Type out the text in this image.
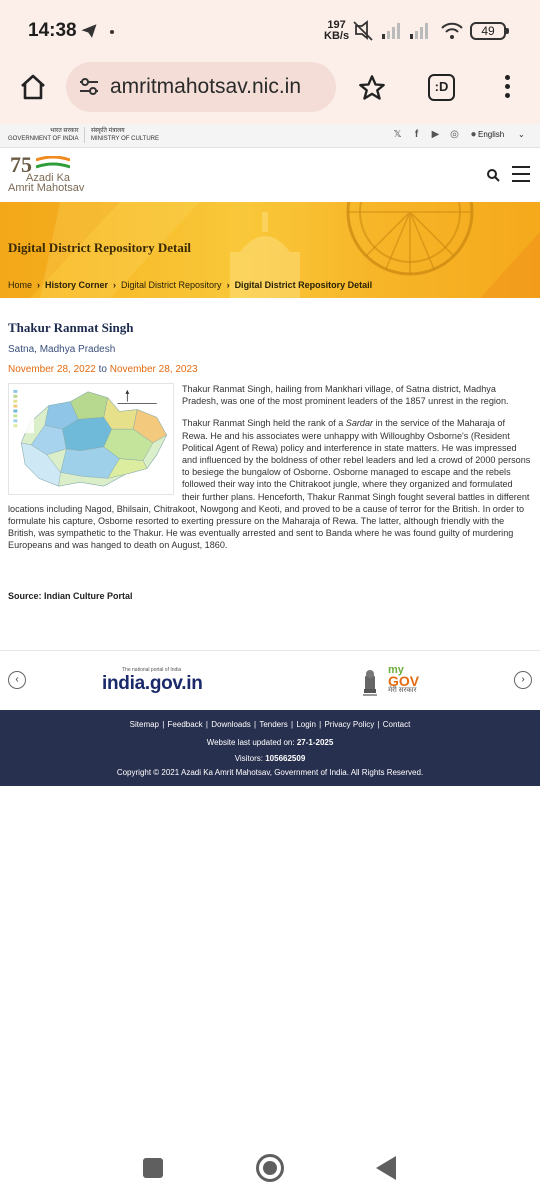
14:38	197
KB/s	49
amritmahotsav.nic.in	:D
भारत सरकार
GOVERNMENT OF INDIA
संस्कृति मंत्रालय
MINISTRY OF CULTURE	𝕏	f	▶ ◎ ● English ⌄
75
Azadi Ka
Amrit Mahotsav
Digital District Repository Detail
Home › History Corner › Digital District Repository › Digital District Repository Detail
Thakur Ranmat Singh
Satna, Madhya Pradesh
November 28, 2022 to November 28, 2023

Thakur Ranmat Singh, hailing from Mankhari village, of Satna district, Madhya Pradesh, was one of the most prominent leaders of the 1857 unrest in the region.

Thakur Ranmat Singh held the rank of a Sardar in the service of the Maharaja of Rewa. He and his associates were unhappy with Willoughby Osborne's (Resident Political Agent of Rewa) policy and interference in state matters. He was impressed and influenced by the boldness of other rebel leaders and led a crowd of 2000 persons to besiege the bungalow of Osborne. Osborne managed to escape and the rebels followed their way into the Chitrakoot jungle, where they organized and formulated their further plans. Henceforth, Thakur Ranmat Singh fought several battles in different locations including Nagod, Bhilsain, Chitrakoot, Nowgong and Keoti, and proved to be a cause of terror for the British. In order to formulate his capture, Osborne resorted to exerting pressure on the Maharaja of Rewa. The latter, although friendly with the British, was sympathetic to the Thakur. He was eventually arrested and sent to Banda where he was found guilty of murdering Europeans and was hanged to death on August, 1860.

Source: Indian Culture Portal
‹
The national portal of India
india.gov.in
my
GOV
मेरी सरकार
›
Sitemap | Feedback | Downloads | Tenders | Login | Privacy Policy | Contact
Website last updated on: 27-1-2025
Visitors: 105662509
Copyright © 2021 Azadi Ka Amrit Mahotsav, Government of India. All Rights Reserved.
